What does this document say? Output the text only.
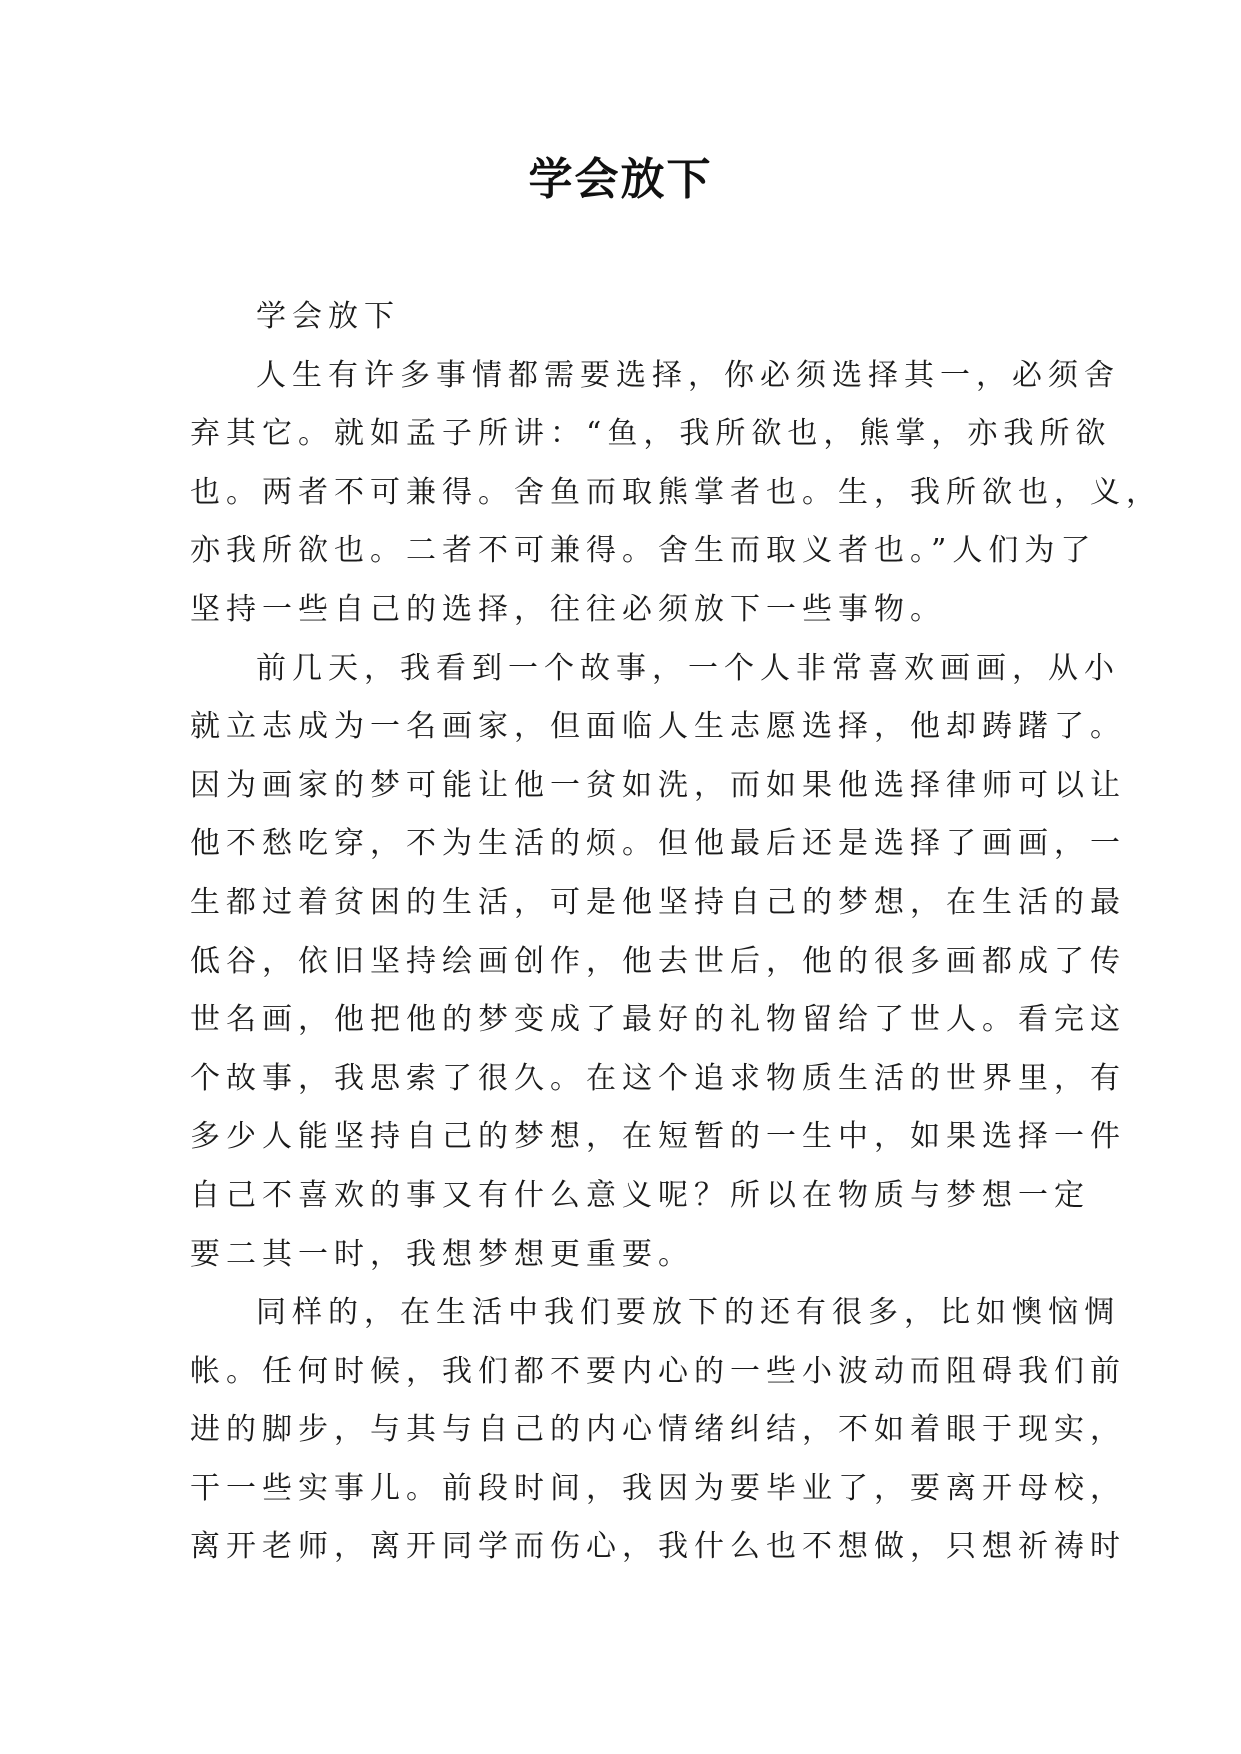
学会放下

学会放下

人生有许多事情都需要选择，你必须选择其一，必须舍

弃其它。就如孟子所讲：“鱼，我所欲也，熊掌，亦我所欲

也。两者不可兼得。舍鱼而取熊掌者也。生，我所欲也，义，

亦我所欲也。二者不可兼得。舍生而取义者也。”人们为了

坚持一些自己的选择，往往必须放下一些事物。

前几天，我看到一个故事，一个人非常喜欢画画，从小

就立志成为一名画家，但面临人生志愿选择，他却踌躇了。

因为画家的梦可能让他一贫如洗，而如果他选择律师可以让

他不愁吃穿，不为生活的烦。但他最后还是选择了画画，一

生都过着贫困的生活，可是他坚持自己的梦想，在生活的最

低谷，依旧坚持绘画创作，他去世后，他的很多画都成了传

世名画，他把他的梦变成了最好的礼物留给了世人。看完这

个故事，我思索了很久。在这个追求物质生活的世界里，有

多少人能坚持自己的梦想，在短暂的一生中，如果选择一件

自己不喜欢的事又有什么意义呢？所以在物质与梦想一定

要二其一时，我想梦想更重要。

同样的，在生活中我们要放下的还有很多，比如懊恼惆

帐。任何时候，我们都不要内心的一些小波动而阻碍我们前

进的脚步，与其与自己的内心情绪纠结，不如着眼于现实，

干一些实事儿。前段时间，我因为要毕业了，要离开母校，

离开老师，离开同学而伤心，我什么也不想做，只想祈祷时
